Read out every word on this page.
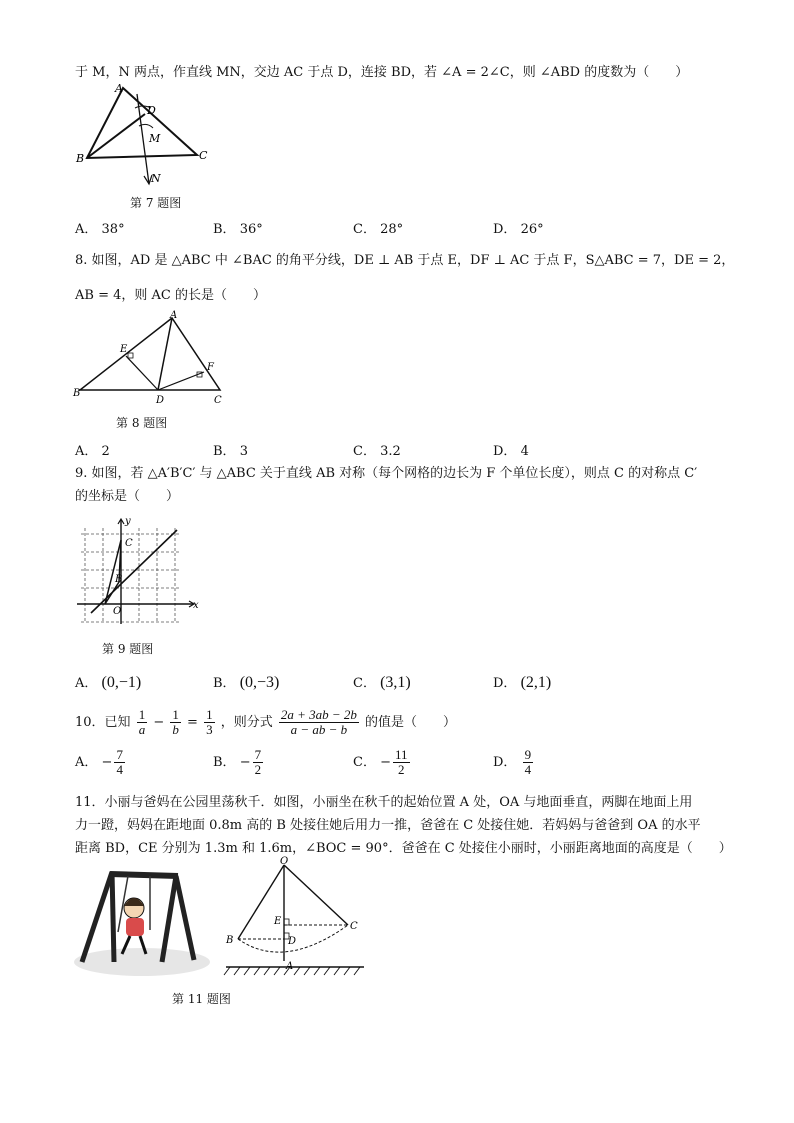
于 M，N 两点，作直线 MN，交边 AC 于点 D，连接 BD，若 ∠A = 2∠C，则 ∠ABD 的度数为（　　）
A
B	C
D
M
N
第 7 题图
A． 38°	B． 36°	C． 28°	D． 26°
8. 如图，AD 是 △ABC 中 ∠BAC 的角平分线，DE ⊥ AB 于点 E，DF ⊥ AC 于点 F，S△ABC = 7，DE = 2，
AB = 4，则 AC 的长是（　　）
A
B
C
D
E
F
第 8 题图
A． 2	B． 3	C． 3.2	D． 4
9. 如图，若 △A′B′C′ 与 △ABC 关于直线 AB 对称（每个网格的边长为 F 个单位长度），则点 C 的对称点 C′
的坐标是（　　）
y
x
O
B
C
第 9 题图
A． (0,−1)	B． (0,−3)	C． (3,1)	D． (2,1)
10．已知 $\frac{1}{a} - \frac{1}{b} = \frac{1}{3}$ ，则分式 $\frac{2a + 3ab - 2b}{a - ab - b}$ 的值是（　　）
A． − $\frac{7}{4}$	B． − $\frac{7}{2}$	C． − $\frac{11}{2}$	D． $\frac{9}{4}$
11．小丽与爸妈在公园里荡秋千．如图，小丽坐在秋千的起始位置 A 处，OA 与地面垂直，两脚在地面上用
力一蹬，妈妈在距地面 0.8m 高的 B 处接住她后用力一推，爸爸在 C 处接住她．若妈妈与爸爸到 OA 的水平
距离 BD，CE 分别为 1.3m 和 1.6m，∠BOC = 90°．爸爸在 C 处接住小丽时，小丽距离地面的高度是（　　）
O
A
B
C
D
E
第 11 题图
